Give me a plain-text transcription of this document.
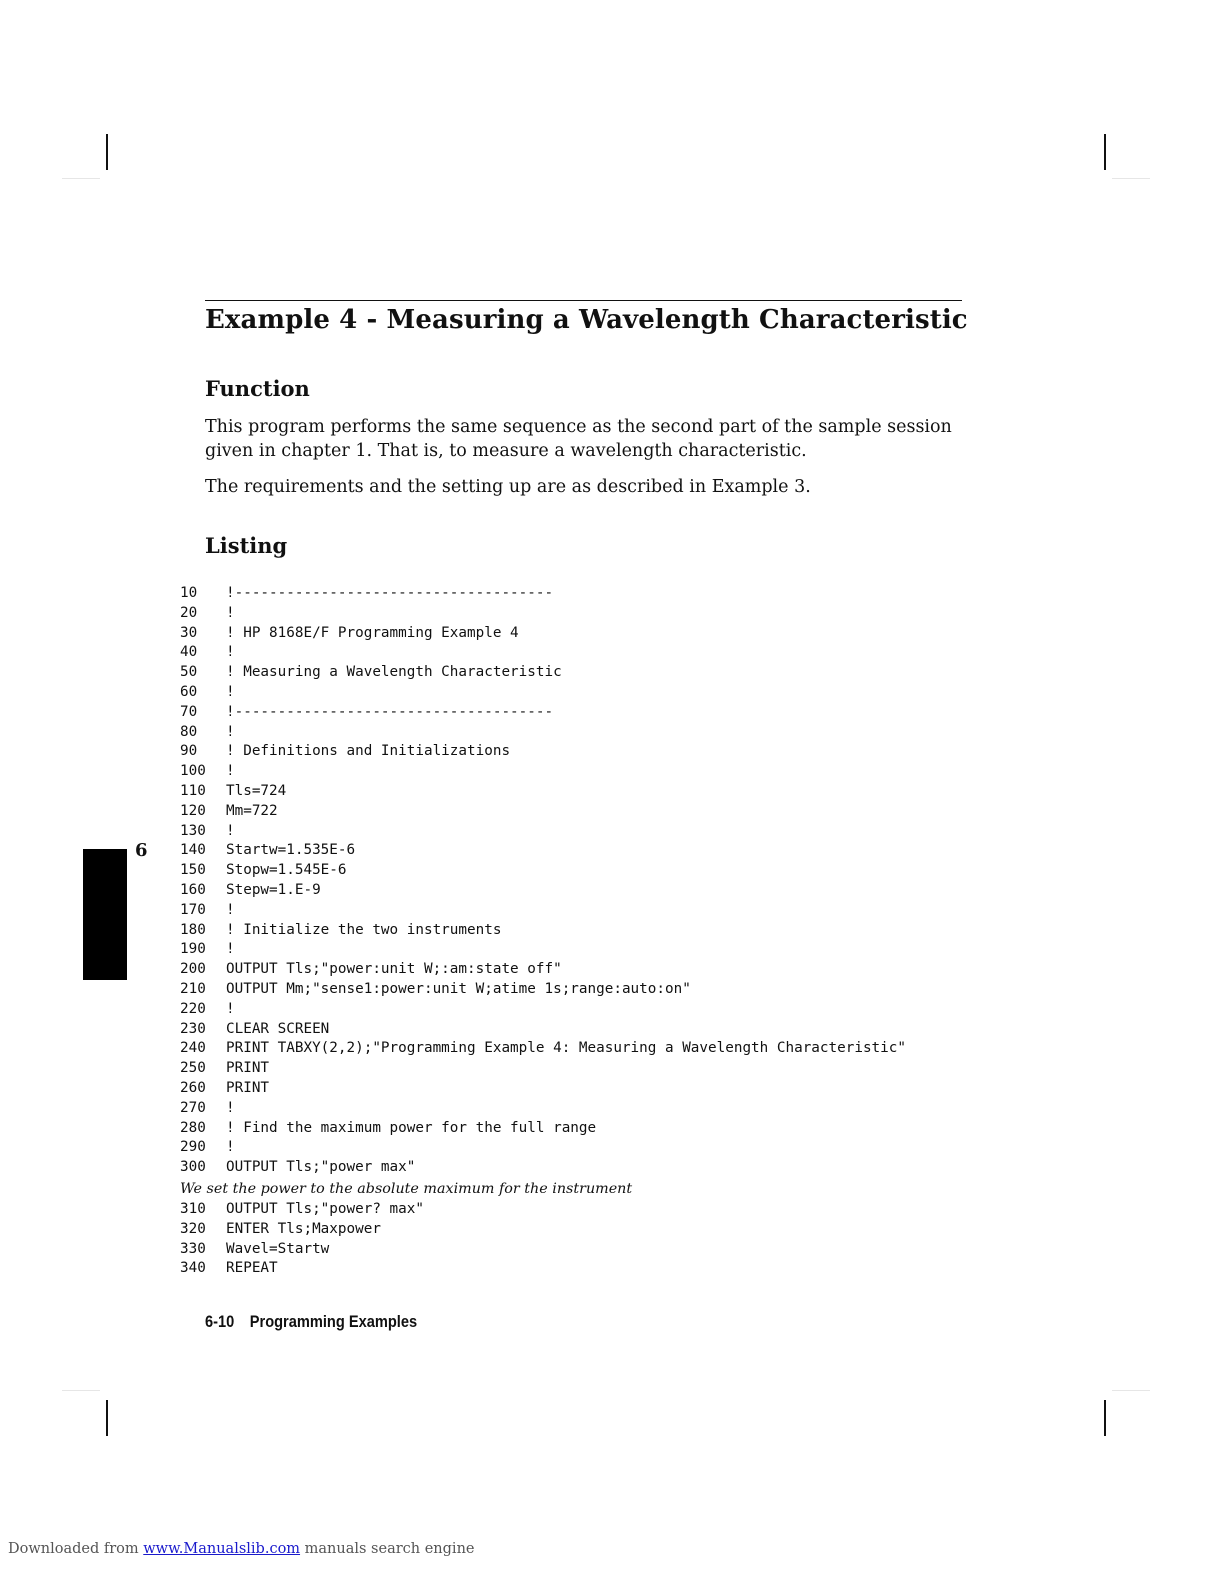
Example 4 - Measuring a Wavelength Characteristic
Function

This program performs the same sequence as the second part of the sample session given in chapter 1. That is, to measure a wavelength characteristic.

The requirements and the setting up are as described in Example 3.

Listing
10 !-------------------------------------
20 !
30 ! HP 8168E/F Programming Example 4
40 !
50 ! Measuring a Wavelength Characteristic
60 !
70 !-------------------------------------
80 !
90 ! Definitions and Initializations
100 !
110 Tls=724
120 Mm=722
130 !
140 Startw=1.535E-6
150 Stopw=1.545E-6
160 Stepw=1.E-9
170 !
180 ! Initialize the two instruments
190 !
200 OUTPUT Tls;"power:unit W;:am:state off"
210 OUTPUT Mm;"sense1:power:unit W;atime 1s;range:auto:on"
220 !
230 CLEAR SCREEN
240 PRINT TABXY(2,2);"Programming Example 4: Measuring a Wavelength Characteristic"
250 PRINT
260 PRINT
270 !
280 ! Find the maximum power for the full range
290 !
300 OUTPUT Tls;"power max"
We set the power to the absolute maximum for the instrument
310 OUTPUT Tls;"power? max"
320 ENTER Tls;Maxpower
330 Wavel=Startw
340 REPEAT
6
6-10 Programming Examples
Downloaded from www.Manualslib.com manuals search engine
